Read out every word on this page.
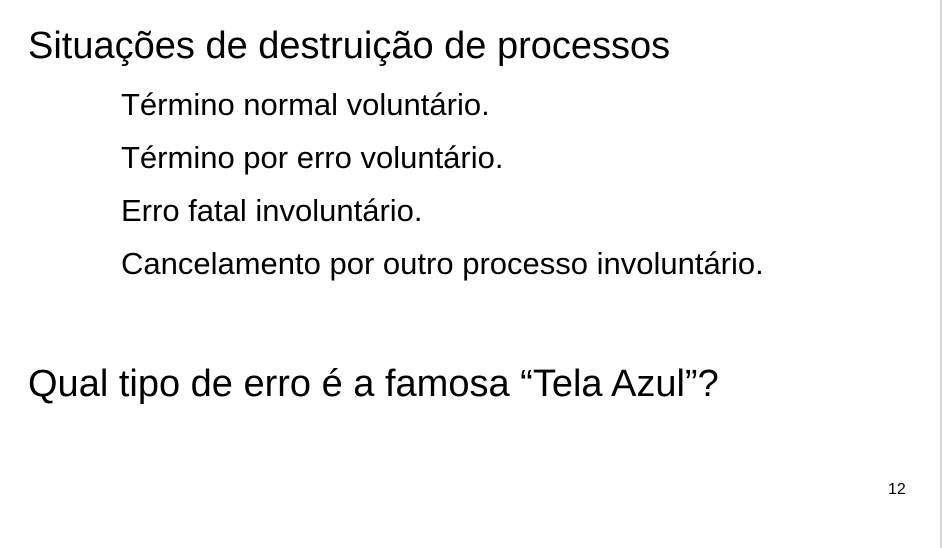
Situações de destruição de processos
Término normal voluntário.
Término por erro voluntário.
Erro fatal involuntário.
Cancelamento por outro processo involuntário.
Qual tipo de erro é a famosa “Tela Azul”?
12
